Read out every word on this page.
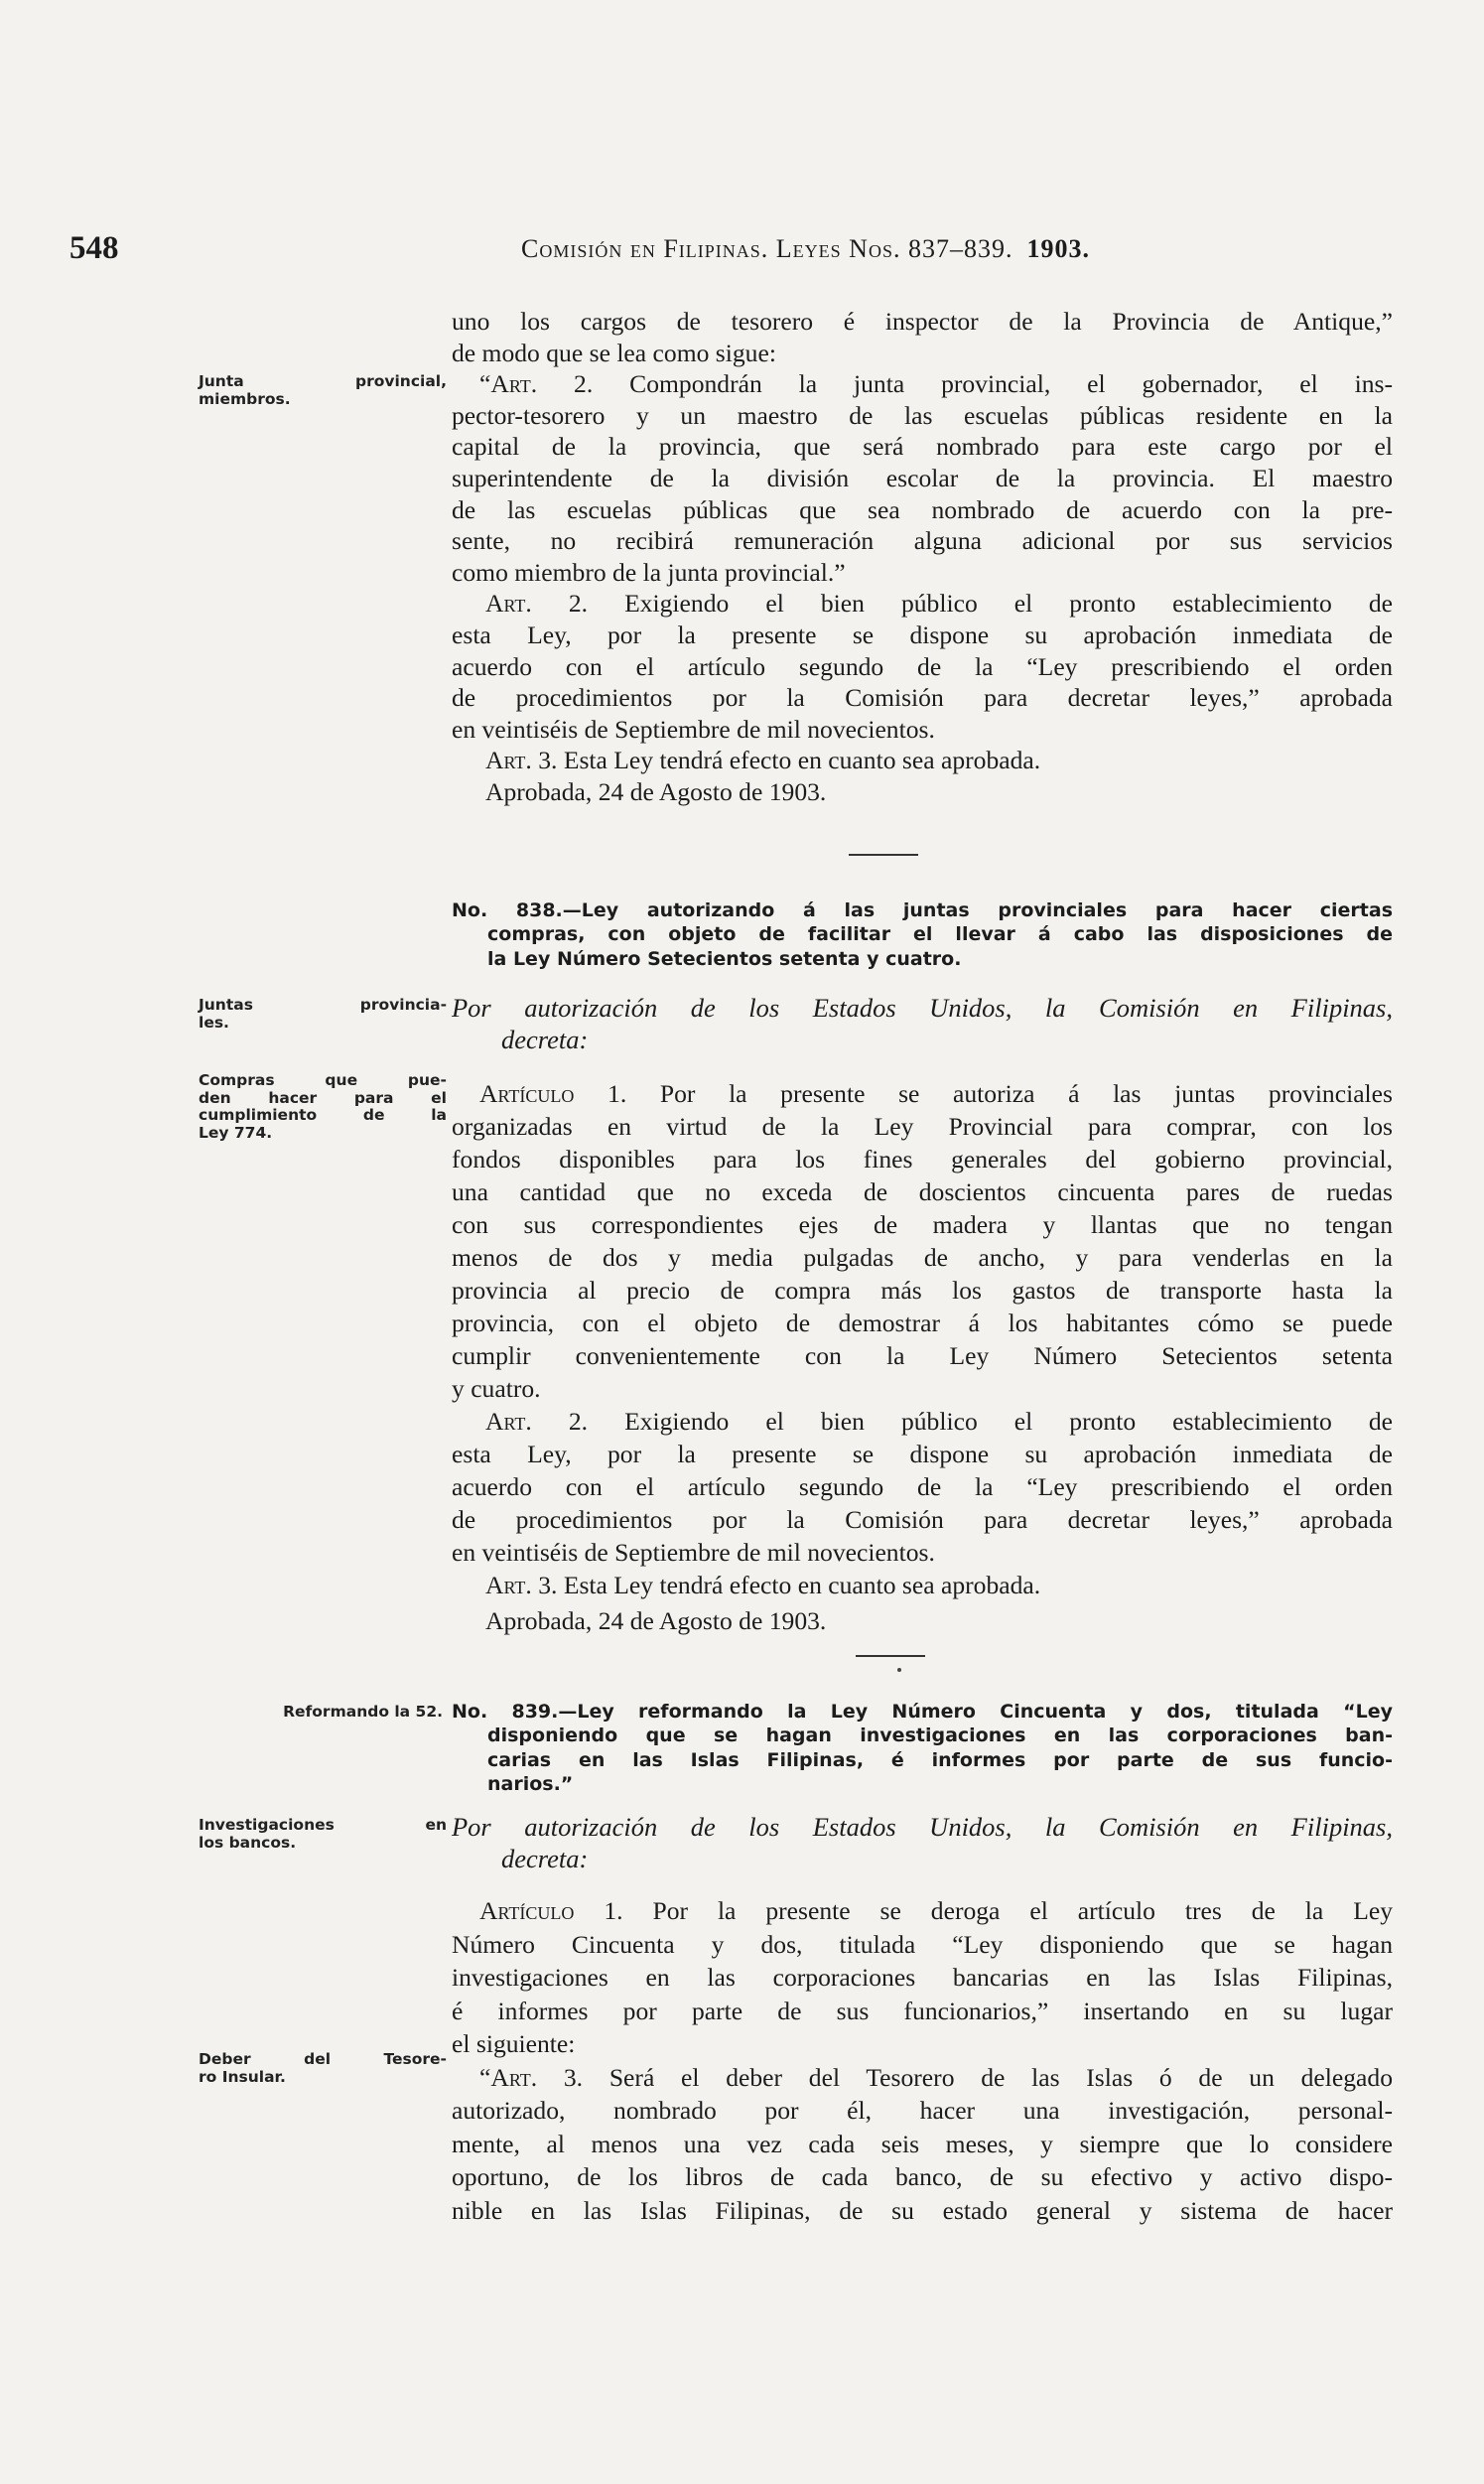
548	Comisión en Filipinas. Leyes Nos. 837–839. 1903.

uno los cargos de tesorero é inspector de la Provincia de Antique,”

de modo que se lea como sigue:

“Art. 2. Compondrán la junta provincial, el gobernador, el ins-

pector-tesorero y un maestro de las escuelas públicas residente en la

capital de la provincia, que será nombrado para este cargo por el

superintendente de la división escolar de la provincia. El maestro

de las escuelas públicas que sea nombrado de acuerdo con la pre-

sente, no recibirá remuneración alguna adicional por sus servicios

como miembro de la junta provincial.”

Art. 2. Exigiendo el bien público el pronto establecimiento de

esta Ley, por la presente se dispone su aprobación inmediata de

acuerdo con el artículo segundo de la “Ley prescribiendo el orden

de procedimientos por la Comisión para decretar leyes,” aprobada

en veintiséis de Septiembre de mil novecientos.

Art. 3. Esta Ley tendrá efecto en cuanto sea aprobada.

Aprobada, 24 de Agosto de 1903.

No. 838.—Ley autorizando á las juntas provinciales para hacer ciertas

compras, con objeto de facilitar el llevar á cabo las disposiciones de

la Ley Número Setecientos setenta y cuatro.

Por autorización de los Estados Unidos, la Comisión en Filipinas,

decreta:

Artículo 1. Por la presente se autoriza á las juntas provinciales

organizadas en virtud de la Ley Provincial para comprar, con los

fondos disponibles para los fines generales del gobierno provincial,

una cantidad que no exceda de doscientos cincuenta pares de ruedas

con sus correspondientes ejes de madera y llantas que no tengan

menos de dos y media pulgadas de ancho, y para venderlas en la

provincia al precio de compra más los gastos de transporte hasta la

provincia, con el objeto de demostrar á los habitantes cómo se puede

cumplir convenientemente con la Ley Número Setecientos setenta

y cuatro.

Art. 2. Exigiendo el bien público el pronto establecimiento de

esta Ley, por la presente se dispone su aprobación inmediata de

acuerdo con el artículo segundo de la “Ley prescribiendo el orden

de procedimientos por la Comisión para decretar leyes,” aprobada

en veintiséis de Septiembre de mil novecientos.

Art. 3. Esta Ley tendrá efecto en cuanto sea aprobada.

Aprobada, 24 de Agosto de 1903.

No. 839.—Ley reformando la Ley Número Cincuenta y dos, titulada “Ley

disponiendo que se hagan investigaciones en las corporaciones ban-

carias en las Islas Filipinas, é informes por parte de sus funcio-

narios.”

Por autorización de los Estados Unidos, la Comisión en Filipinas,

decreta:

Artículo 1. Por la presente se deroga el artículo tres de la Ley

Número Cincuenta y dos, titulada “Ley disponiendo que se hagan

investigaciones en las corporaciones bancarias en las Islas Filipinas,

é informes por parte de sus funcionarios,” insertando en su lugar

el siguiente:

“Art. 3. Será el deber del Tesorero de las Islas ó de un delegado

autorizado, nombrado por él, hacer una investigación, personal-

mente, al menos una vez cada seis meses, y siempre que lo considere

oportuno, de los libros de cada banco, de su efectivo y activo dispo-

nible en las Islas Filipinas, de su estado general y sistema de hacer

Junta provincial,
miembros.
Juntas provincia-
les.
Compras que pue-
den hacer para el
cumplimiento de la
Ley 774.
Reformando la 52.
Investigaciones en
los bancos.
Deber del Tesore-
ro Insular.
